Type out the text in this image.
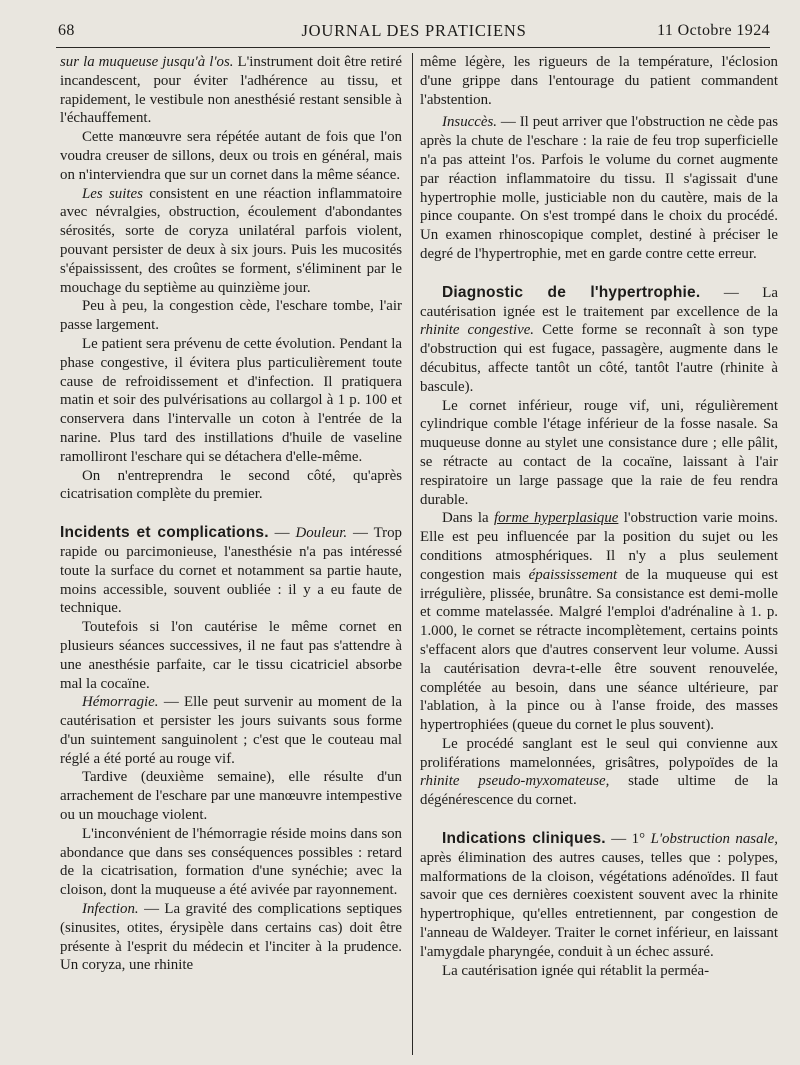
68	JOURNAL DES PRATICIENS	11 Octobre 1924

sur la muqueuse jusqu'à l'os. L'instrument doit être retiré incandescent, pour éviter l'adhérence au tissu, et rapidement, le vestibule non anesthésié restant sensible à l'échauffement.

Cette manœuvre sera répétée autant de fois que l'on voudra creuser de sillons, deux ou trois en général, mais on n'interviendra que sur un cornet dans la même séance.

Les suites consistent en une réaction inflammatoire avec névralgies, obstruction, écoulement d'abondantes sérosités, sorte de coryza unilatéral parfois violent, pouvant persister de deux à six jours. Puis les mucosités s'épaississent, des croûtes se forment, s'éliminent par le mouchage du septième au quinzième jour.

Peu à peu, la congestion cède, l'eschare tombe, l'air passe largement.

Le patient sera prévenu de cette évolution. Pendant la phase congestive, il évitera plus particulièrement toute cause de refroidissement et d'infection. Il pratiquera matin et soir des pulvérisations au collargol à 1 p. 100 et conservera dans l'intervalle un coton à l'entrée de la narine. Plus tard des instillations d'huile de vaseline ramolliront l'eschare qui se détachera d'elle-même.

On n'entreprendra le second côté, qu'après cicatrisation complète du premier.

Incidents et complications. — Douleur. — Trop rapide ou parcimonieuse, l'anesthésie n'a pas intéressé toute la surface du cornet et notamment sa partie haute, moins accessible, souvent oubliée : il y a eu faute de technique.

Toutefois si l'on cautérise le même cornet en plusieurs séances successives, il ne faut pas s'attendre à une anesthésie parfaite, car le tissu cicatriciel absorbe mal la cocaïne.

Hémorragie. — Elle peut survenir au moment de la cautérisation et persister les jours suivants sous forme d'un suintement sanguinolent ; c'est que le couteau mal réglé a été porté au rouge vif.

Tardive (deuxième semaine), elle résulte d'un arrachement de l'eschare par une manœuvre intempestive ou un mouchage violent.

L'inconvénient de l'hémorragie réside moins dans son abondance que dans ses conséquences possibles : retard de la cicatrisation, formation d'une synéchie; avec la cloison, dont la muqueuse a été avivée par rayonnement.

Infection. — La gravité des complications septiques (sinusites, otites, érysipèle dans certains cas) doit être présente à l'esprit du médecin et l'inciter à la prudence. Un coryza, une rhinite

même légère, les rigueurs de la température, l'éclosion d'une grippe dans l'entourage du patient commandent l'abstention.

Insuccès. — Il peut arriver que l'obstruction ne cède pas après la chute de l'eschare : la raie de feu trop superficielle n'a pas atteint l'os. Parfois le volume du cornet augmente par réaction inflammatoire du tissu. Il s'agissait d'une hypertrophie molle, justiciable non du cautère, mais de la pince coupante. On s'est trompé dans le choix du procédé. Un examen rhinoscopique complet, destiné à préciser le degré de l'hypertrophie, met en garde contre cette erreur.

Diagnostic de l'hypertrophie. — La cautérisation ignée est le traitement par excellence de la rhinite congestive. Cette forme se reconnaît à son type d'obstruction qui est fugace, passagère, augmente dans le décubitus, affecte tantôt un côté, tantôt l'autre (rhinite à bascule).

Le cornet inférieur, rouge vif, uni, régulièrement cylindrique comble l'étage inférieur de la fosse nasale. Sa muqueuse donne au stylet une consistance dure ; elle pâlit, se rétracte au contact de la cocaïne, laissant à l'air respiratoire un large passage que la raie de feu rendra durable.

Dans la forme hyperplasique l'obstruction varie moins. Elle est peu influencée par la position du sujet ou les conditions atmosphériques. Il n'y a plus seulement congestion mais épaississement de la muqueuse qui est irrégulière, plissée, brunâtre. Sa consistance est demi-molle et comme matelassée. Malgré l'emploi d'adrénaline à 1. p. 1.000, le cornet se rétracte incomplètement, certains points s'effacent alors que d'autres conservent leur volume. Aussi la cautérisation devra-t-elle être souvent renouvelée, complétée au besoin, dans une séance ultérieure, par l'ablation, à la pince ou à l'anse froide, des masses hypertrophiées (queue du cornet le plus souvent).

Le procédé sanglant est le seul qui convienne aux proliférations mamelonnées, grisâtres, polypoïdes de la rhinite pseudo-myxomateuse, stade ultime de la dégénérescence du cornet.

Indications cliniques. — 1° L'obstruction nasale, après élimination des autres causes, telles que : polypes, malformations de la cloison, végétations adénoïdes. Il faut savoir que ces dernières coexistent souvent avec la rhinite hypertrophique, qu'elles entretiennent, par congestion de l'anneau de Waldeyer. Traiter le cornet inférieur, en laissant l'amygdale pharyngée, conduit à un échec assuré.

La cautérisation ignée qui rétablit la perméa-
